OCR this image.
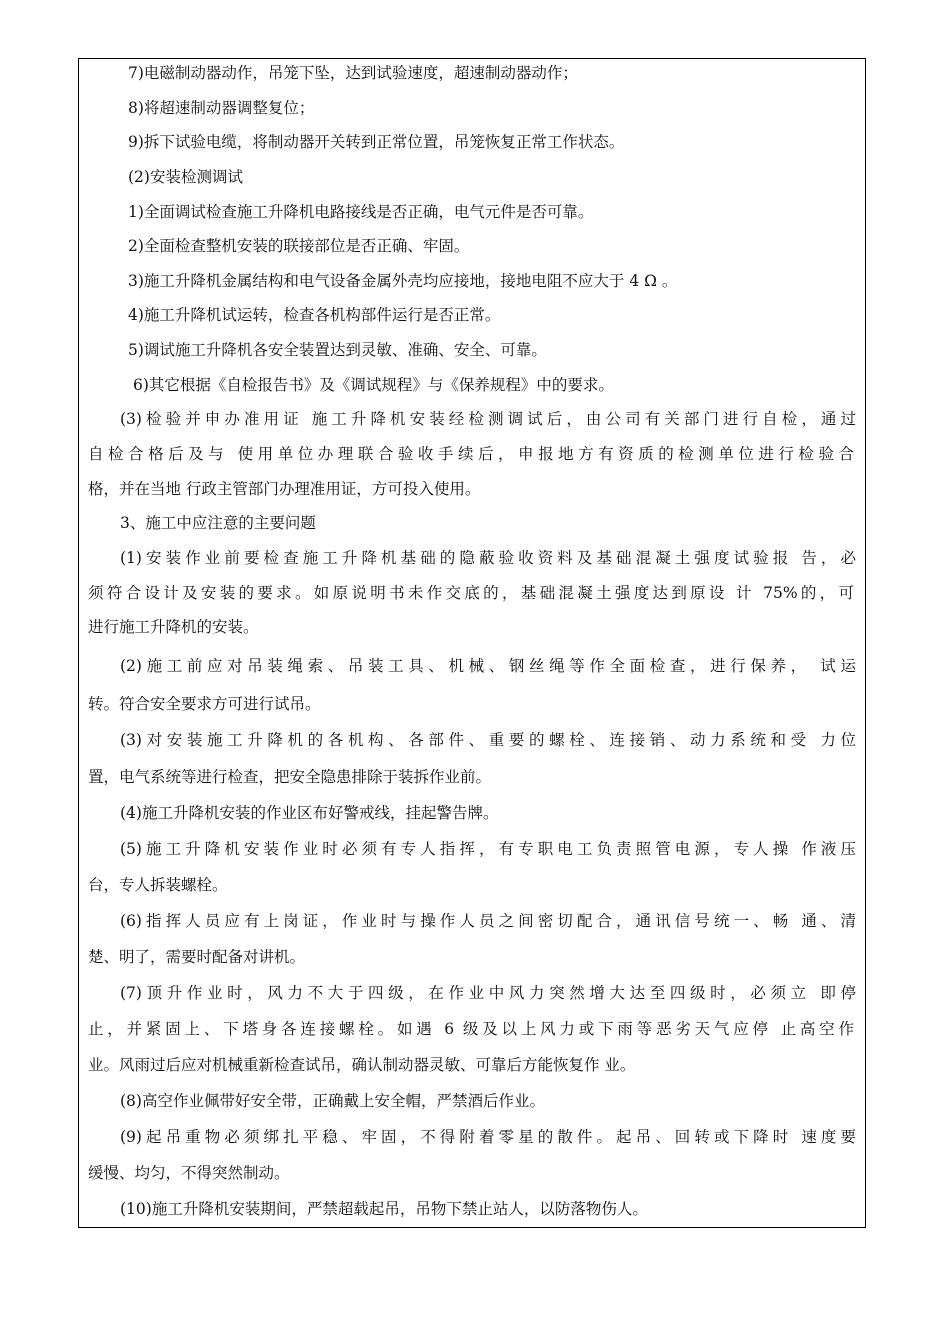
7)电磁制动器动作，吊笼下坠，达到试验速度，超速制动器动作；

8)将超速制动器调整复位；

9)拆下试验电缆，将制动器开关转到正常位置，吊笼恢复正常工作状态。

(2)安装检测调试

1)全面调试检查施工升降机电路接线是否正确，电气元件是否可靠。

2)全面检查整机安装的联接部位是否正确、牢固。

3)施工升降机金属结构和电气设备金属外壳均应接地，接地电阻不应大于 4 Ω 。

4)施工升降机试运转，检查各机构部件运行是否正常。

5)调试施工升降机各安全装置达到灵敏、准确、安全、可靠。

6)其它根据《自检报告书》及《调试规程》与《保养规程》中的要求。

(3)检验并申办准用证 施工升降机安装经检测调试后，由公司有关部门进行自检，通过

自检合格后及与 使用单位办理联合验收手续后，申报地方有资质的检测单位进行检验合

格，并在当地 行政主管部门办理准用证，方可投入使用。

3、施工中应注意的主要问题

(1)安装作业前要检查施工升降机基础的隐蔽验收资料及基础混凝土强度试验报 告，必

须符合设计及安装的要求。如原说明书未作交底的，基础混凝土强度达到原设 计 75%的，可

进行施工升降机的安装。

(2)施工前应对吊装绳索、吊装工具、机械、钢丝绳等作全面检查，进行保养， 试运

转。符合安全要求方可进行试吊。

(3)对安装施工升降机的各机构、各部件、重要的螺栓、连接销、动力系统和受 力位

置，电气系统等进行检查，把安全隐患排除于装拆作业前。

(4)施工升降机安装的作业区布好警戒线，挂起警告牌。

(5)施工升降机安装作业时必须有专人指挥，有专职电工负责照管电源，专人操 作液压

台，专人拆装螺栓。

(6)指挥人员应有上岗证，作业时与操作人员之间密切配合，通讯信号统一、畅 通、清

楚、明了，需要时配备对讲机。

(7)顶升作业时，风力不大于四级，在作业中风力突然增大达至四级时，必须立 即停

止，并紧固上、下塔身各连接螺栓。如遇 6 级及以上风力或下雨等恶劣天气应停 止高空作

业。风雨过后应对机械重新检查试吊，确认制动器灵敏、可靠后方能恢复作 业。

(8)高空作业佩带好安全带，正确戴上安全帽，严禁酒后作业。

(9)起吊重物必须绑扎平稳、牢固，不得附着零星的散件。起吊、回转或下降时 速度要

缓慢、均匀，不得突然制动。

(10)施工升降机安装期间，严禁超载起吊，吊物下禁止站人，以防落物伤人。
